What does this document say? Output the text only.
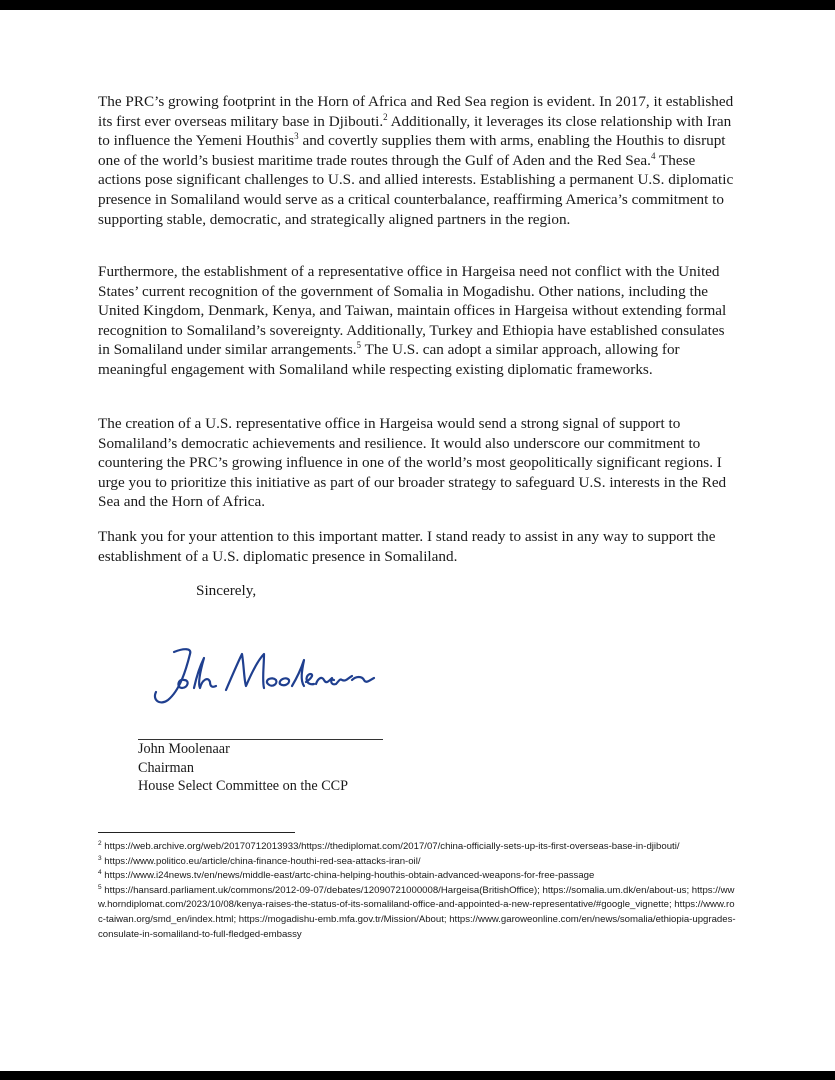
The PRC’s growing footprint in the Horn of Africa and Red Sea region is evident. In 2017, it established its first ever overseas military base in Djibouti.$^2$ Additionally, it leverages its close relationship with Iran to influence the Yemeni Houthis$^3$ and covertly supplies them with arms, enabling the Houthis to disrupt one of the world’s busiest maritime trade routes through the Gulf of Aden and the Red Sea.$^4$ These actions pose significant challenges to U.S. and allied interests. Establishing a permanent U.S. diplomatic presence in Somaliland would serve as a critical counterbalance, reaffirming America’s commitment to supporting stable, democratic, and strategically aligned partners in the region.

Furthermore, the establishment of a representative office in Hargeisa need not conflict with the United States’ current recognition of the government of Somalia in Mogadishu. Other nations, including the United Kingdom, Denmark, Kenya, and Taiwan, maintain offices in Hargeisa without extending formal recognition to Somaliland’s sovereignty. Additionally, Turkey and Ethiopia have established consulates in Somaliland under similar arrangements.$^5$ The U.S. can adopt a similar approach, allowing for meaningful engagement with Somaliland while respecting existing diplomatic frameworks.

The creation of a U.S. representative office in Hargeisa would send a strong signal of support to Somaliland’s democratic achievements and resilience. It would also underscore our commitment to countering the PRC’s growing influence in one of the world’s most geopolitically significant regions. I urge you to prioritize this initiative as part of our broader strategy to safeguard U.S. interests in the Red Sea and the Horn of Africa.

Thank you for your attention to this important matter. I stand ready to assist in any way to support the establishment of a U.S. diplomatic presence in Somaliland.

Sincerely,
John Moolenaar
Chairman
House Select Committee on the CCP

$^2$ https://web.archive.org/web/20170712013933/https://thediplomat.com/2017/07/china-officially-sets-up-its-first-overseas-base-in-djibouti/

$^3$ https://www.politico.eu/article/china-finance-houthi-red-sea-attacks-iran-oil/

$^4$ https://www.i24news.tv/en/news/middle-east/artc-china-helping-houthis-obtain-advanced-weapons-for-free-passage

$^5$ https://hansard.parliament.uk/commons/2012-09-07/debates/12090721000008/Hargeisa(BritishOffice); https://somalia.um.dk/en/about-us; https://www.horndiplomat.com/2023/10/08/kenya-raises-the-status-of-its-somaliland-office-and-appointed-a-new-representative/#google_vignette; https://www.roc-taiwan.org/smd_en/index.html; https://mogadishu-emb.mfa.gov.tr/Mission/About; https://www.garoweonline.com/en/news/somalia/ethiopia-upgrades-consulate-in-somaliland-to-full-fledged-embassy
